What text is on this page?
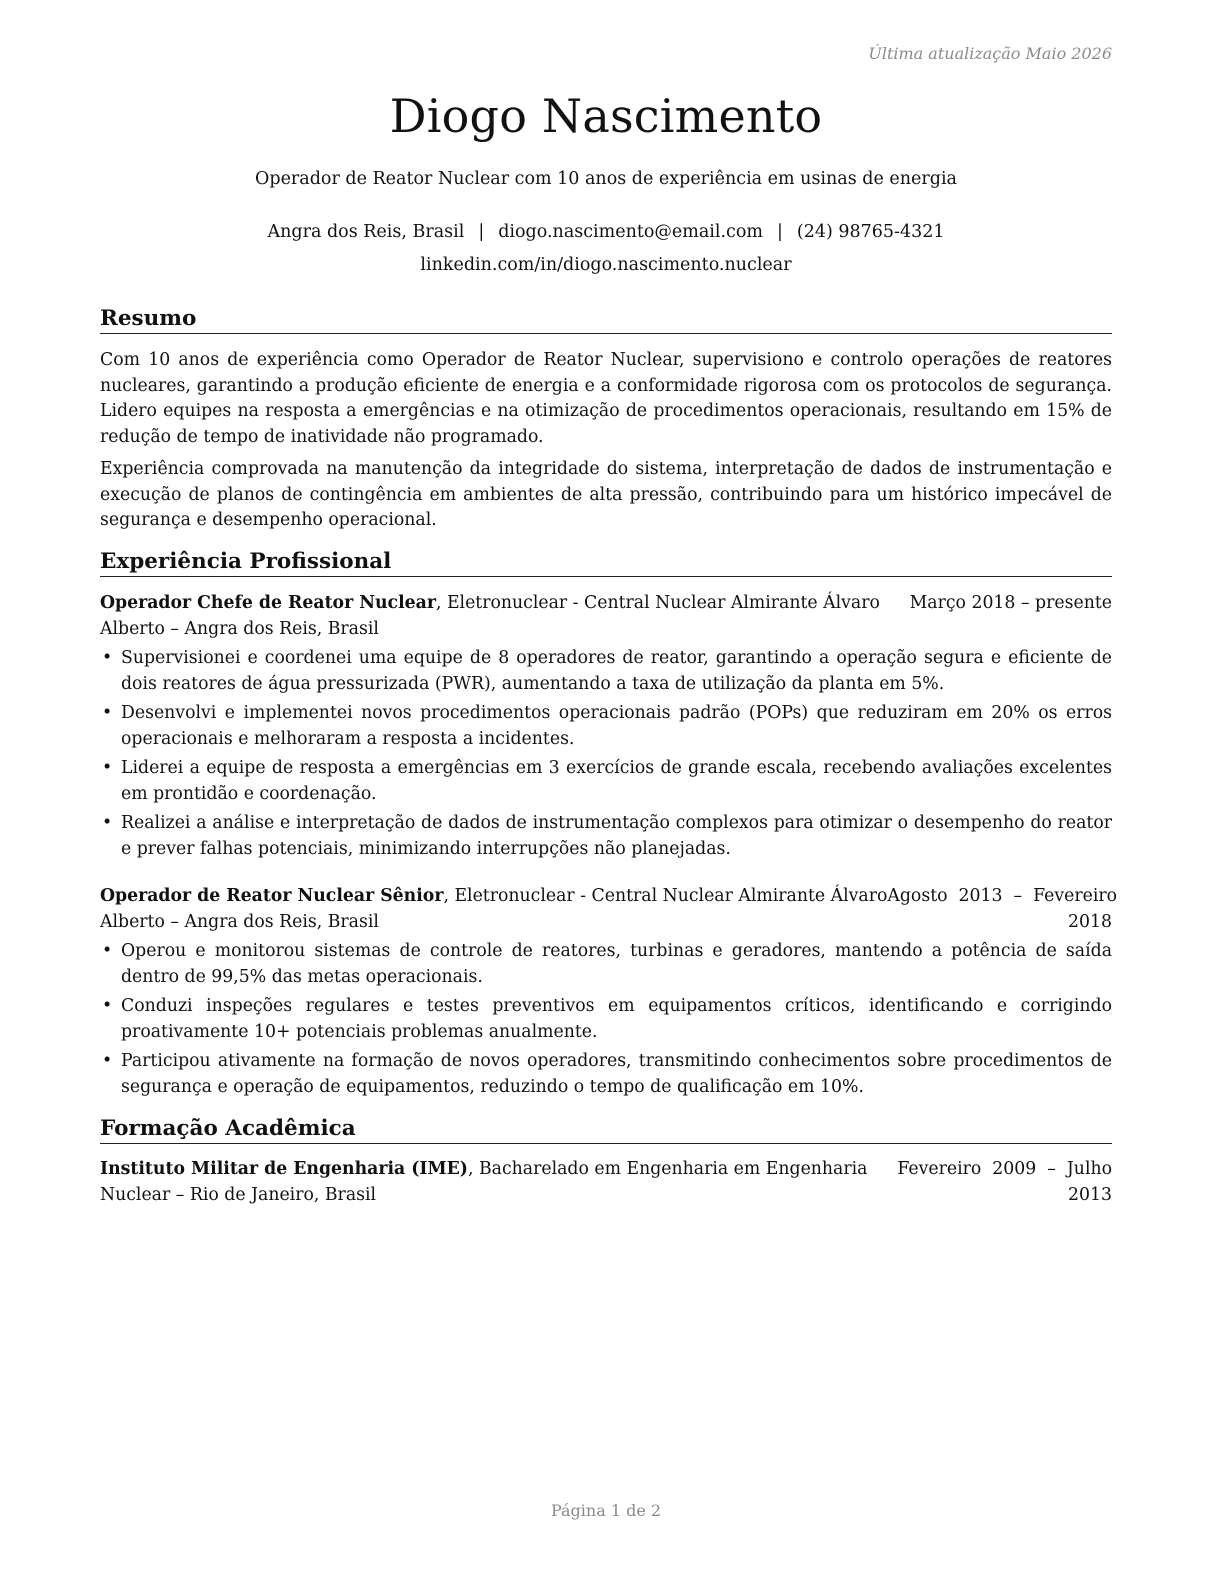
Última atualização Maio 2026
Diogo Nascimento
Operador de Reator Nuclear com 10 anos de experiência em usinas de energia
Angra dos Reis, Brasil | diogo.nascimento@email.com | (24) 98765-4321
linkedin.com/in/diogo.nascimento.nuclear
Resumo

Com 10 anos de experiência como Operador de Reator Nuclear, supervisiono e controlo operações de reatores nucleares, garantindo a produção eficiente de energia e a conformidade rigorosa com os protocolos de segurança. Lidero equipes na resposta a emergências e na otimização de procedimentos operacionais, resultando em 15% de redução de tempo de inatividade não programado.

Experiência comprovada na manutenção da integridade do sistema, interpretação de dados de instrumentação e execução de planos de contingência em ambientes de alta pressão, contribuindo para um histórico impecável de segurança e desempenho operacional.

Experiência Profissional
Operador Chefe de Reator Nuclear, Eletronuclear - Central Nuclear Almirante Álvaro Março 2018 – presente
Alberto – Angra dos Reis, Brasil
• Supervisionei e coordenei uma equipe de 8 operadores de reator, garantindo a operação segura e eficiente de dois reatores de água pressurizada (PWR), aumentando a taxa de utilização da planta em 5%.
• Desenvolvi e implementei novos procedimentos operacionais padrão (POPs) que reduziram em 20% os erros operacionais e melhoraram a resposta a incidentes.
• Liderei a equipe de resposta a emergências em 3 exercícios de grande escala, recebendo avaliações excelentes em prontidão e coordenação.
• Realizei a análise e interpretação de dados de instrumentação complexos para otimizar o desempenho do reator e prever falhas potenciais, minimizando interrupções não planejadas.
Operador de Reator Nuclear Sênior, Eletronuclear - Central Nuclear Almirante Álvaro Agosto  2013  –  Fevereiro
Alberto – Angra dos Reis, Brasil	2018
• Operou e monitorou sistemas de controle de reatores, turbinas e geradores, mantendo a potência de saída dentro de 99,5% das metas operacionais.
• Conduzi inspeções regulares e testes preventivos em equipamentos críticos, identificando e corrigindo proativamente 10+ potenciais problemas anualmente.
• Participou ativamente na formação de novos operadores, transmitindo conhecimentos sobre procedimentos de segurança e operação de equipamentos, reduzindo o tempo de qualificação em 10%.
Formação Acadêmica
Instituto Militar de Engenharia (IME), Bacharelado em Engenharia em Engenharia Fevereiro  2009  –  Julho
Nuclear – Rio de Janeiro, Brasil	2013
Página 1 de 2
